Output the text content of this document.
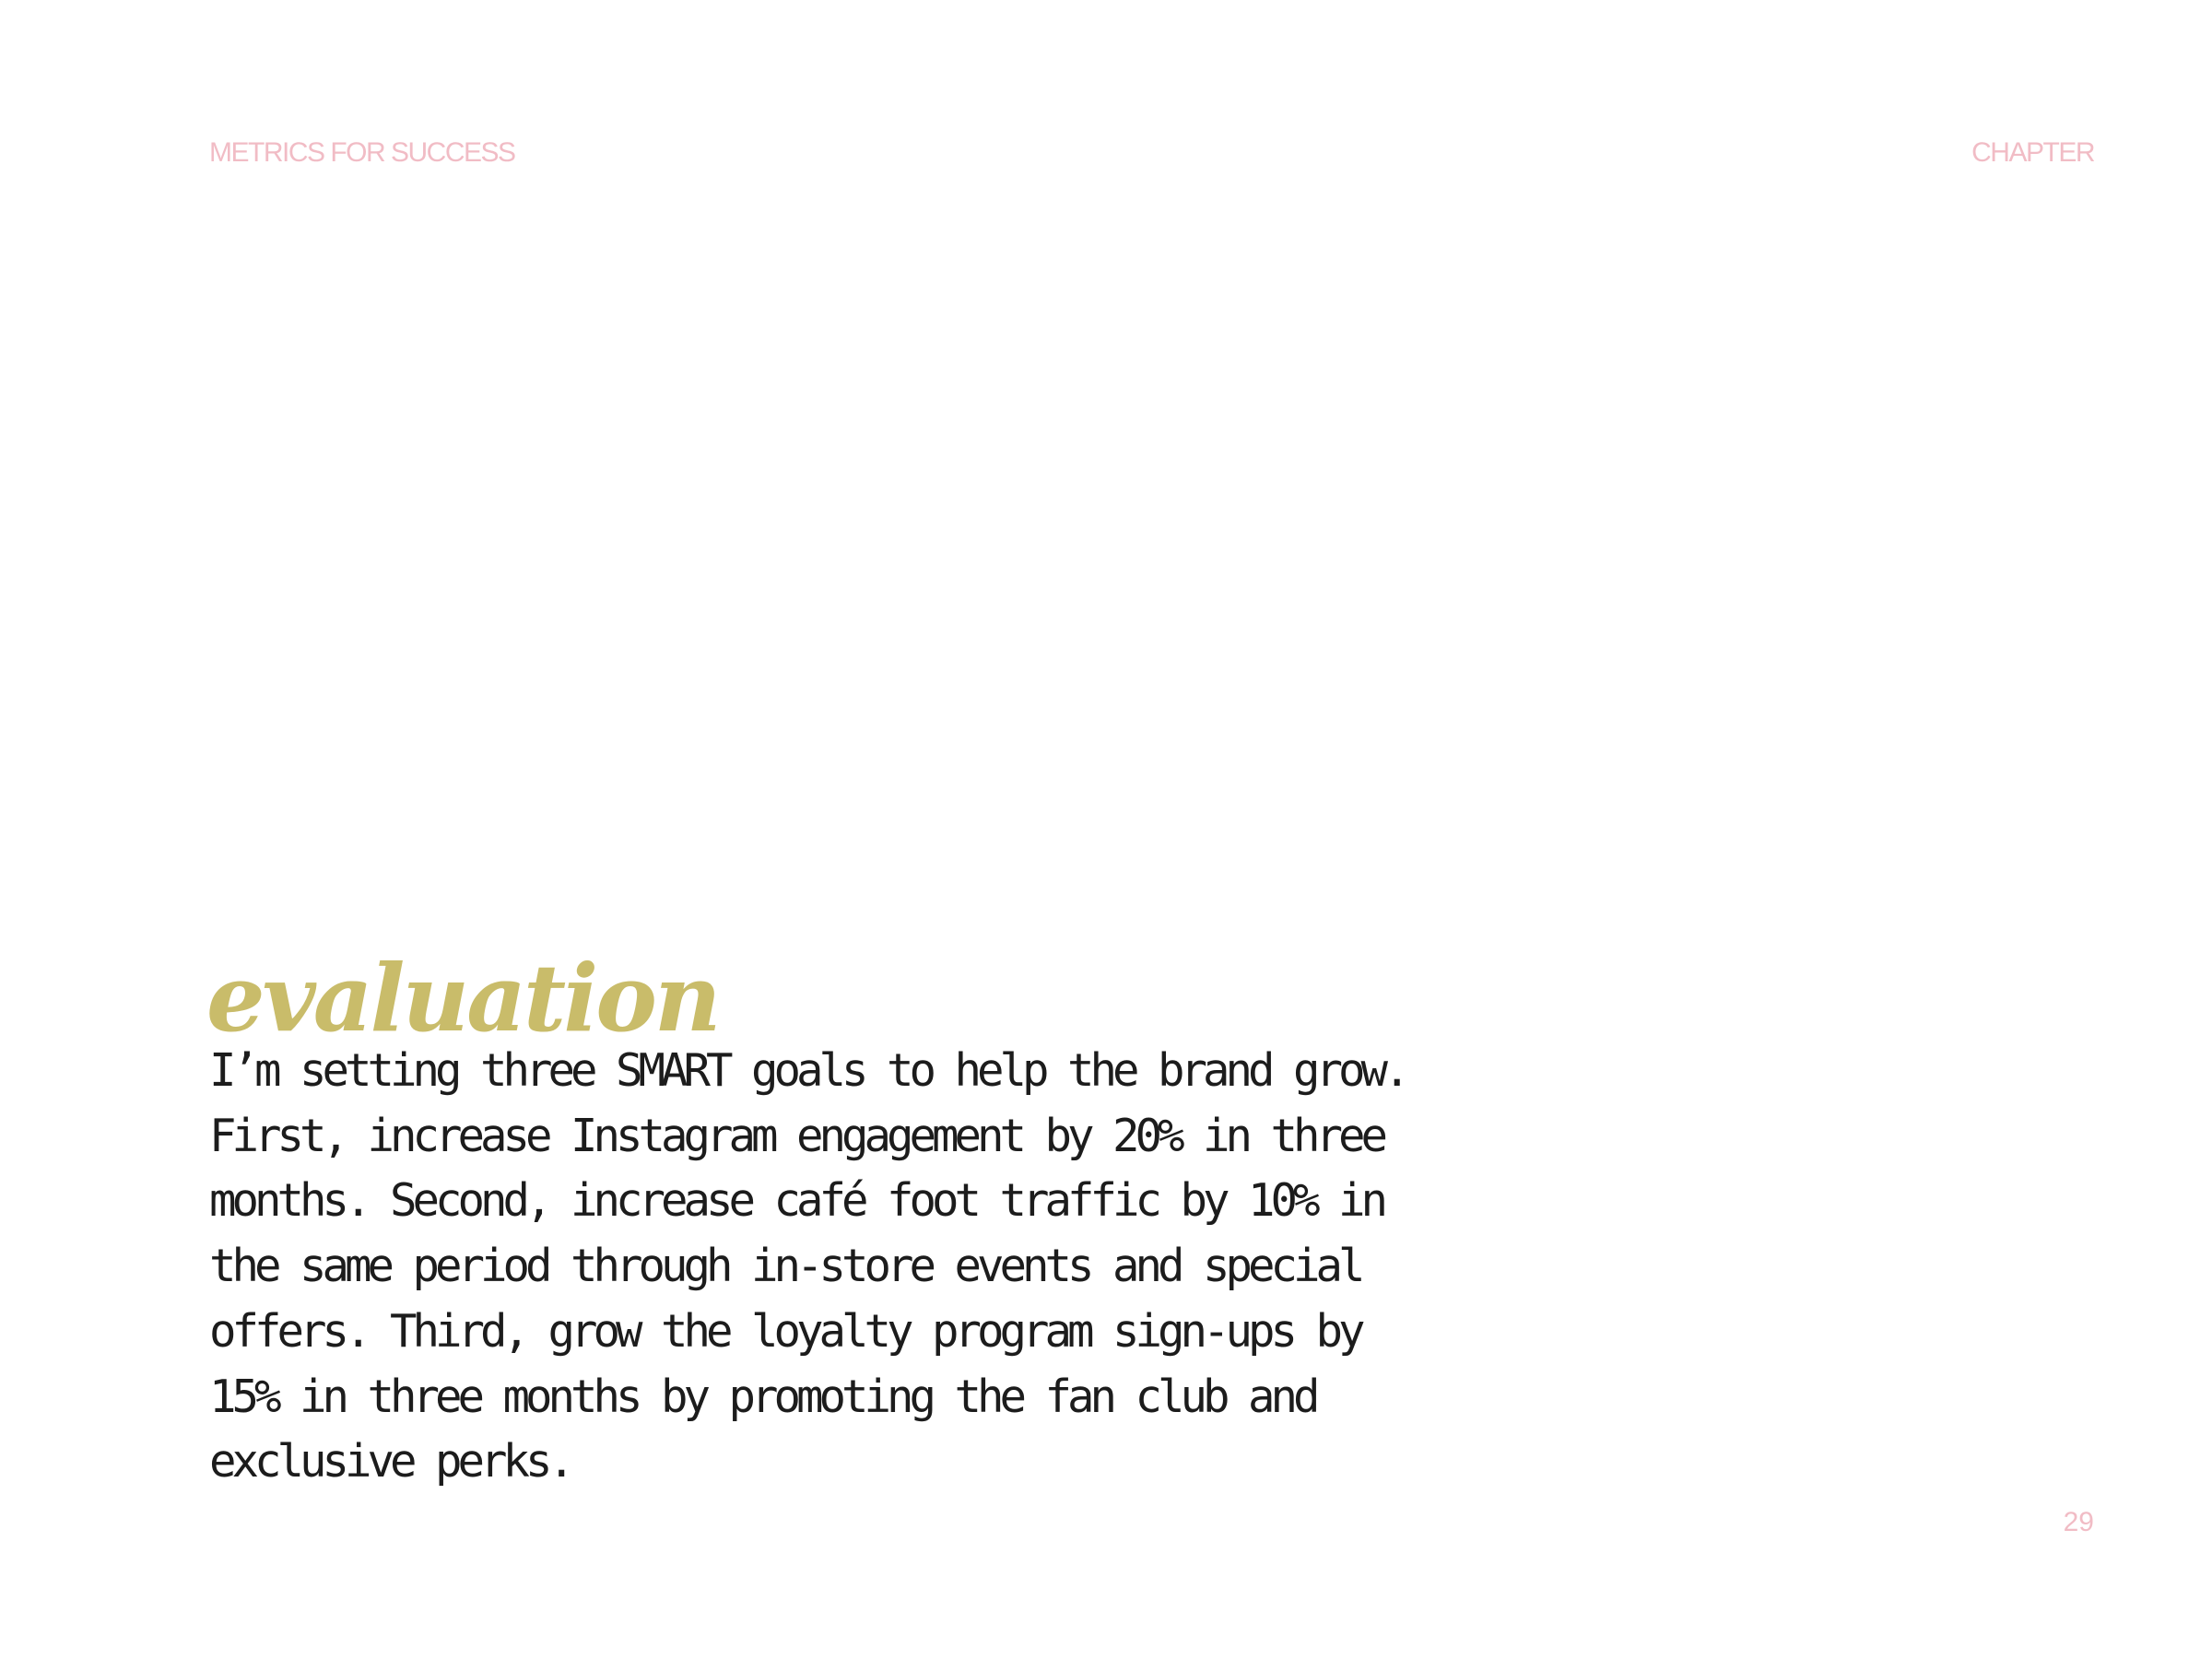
METRICS FOR SUCCESS	CHAPTER
evaluation

I’m setting three SMART goals to help the brand grow.
First, increase Instagram engagement by 20% in three
months. Second, increase café foot traffic by 10% in
the same period through in-store events and special
offers. Third, grow the loyalty program sign-ups by
15% in three months by promoting the fan club and
exclusive perks.

29
